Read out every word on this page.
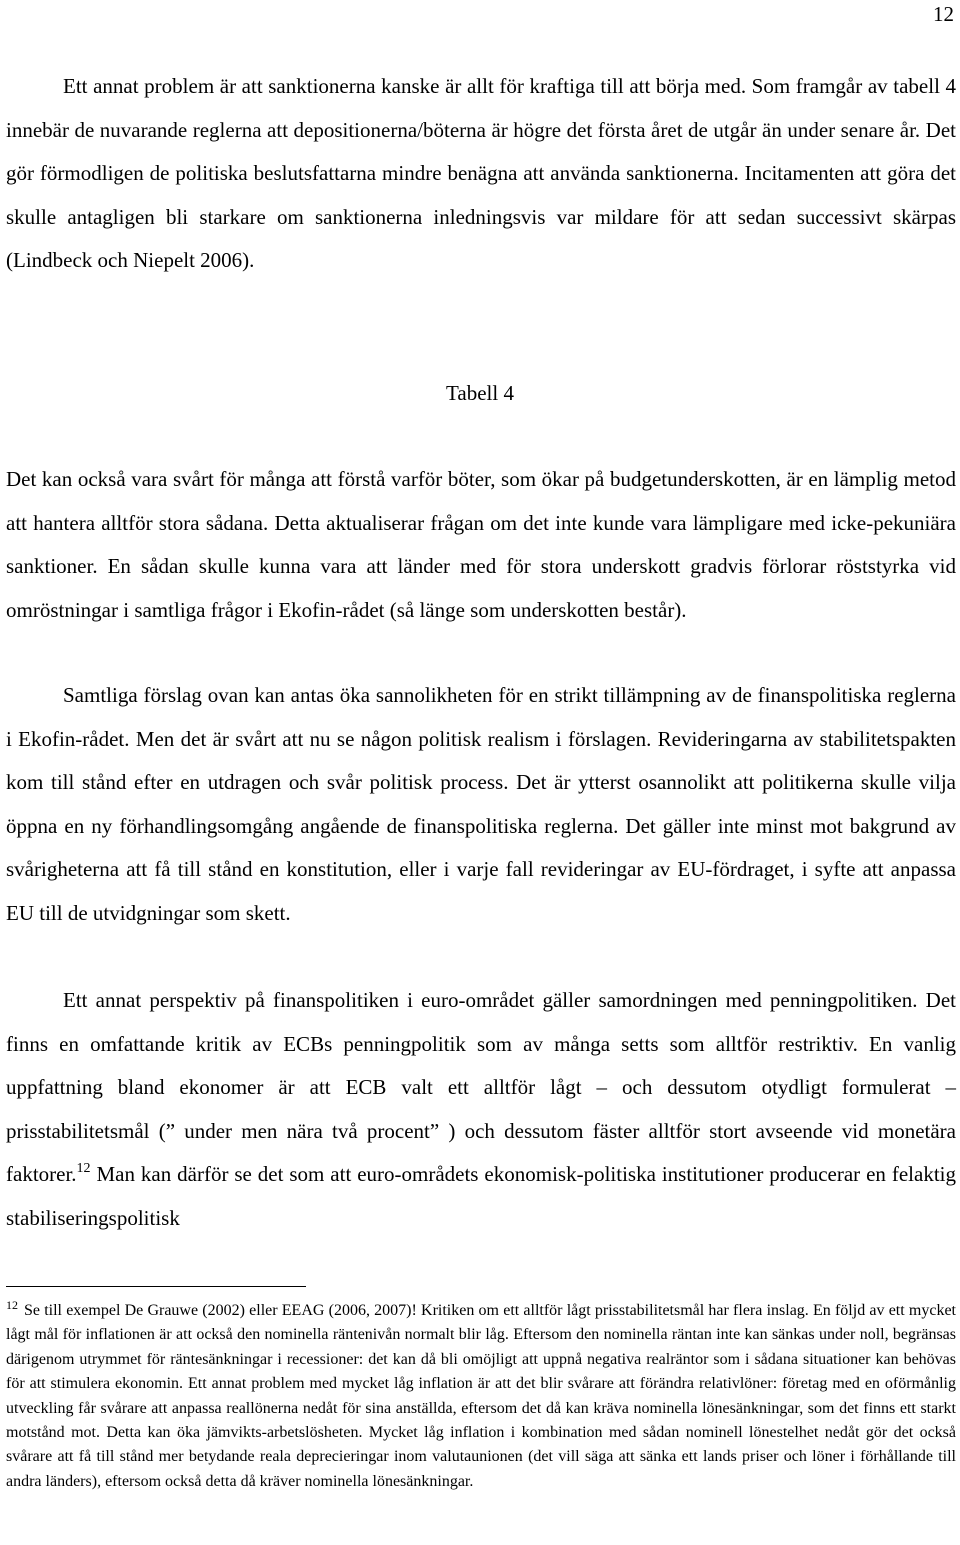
12

Ett annat problem är att sanktionerna kanske är allt för kraftiga till att börja med. Som framgår av tabell 4 innebär de nuvarande reglerna att depositionerna/böterna är högre det första året de utgår än under senare år. Det gör förmodligen de politiska beslutsfattarna mindre benägna att använda sanktionerna. Incitamenten att göra det skulle antagligen bli starkare om sanktionerna inledningsvis var mildare för att sedan successivt skärpas (Lindbeck och Niepelt 2006).

Tabell 4

Det kan också vara svårt för många att förstå varför böter, som ökar på budgetunderskotten, är en lämplig metod att hantera alltför stora sådana. Detta aktualiserar frågan om det inte kunde vara lämpligare med icke-pekuniära sanktioner. En sådan skulle kunna vara att länder med för stora underskott gradvis förlorar röststyrka vid omröstningar i samtliga frågor i Ekofin-rådet (så länge som underskotten består).

Samtliga förslag ovan kan antas öka sannolikheten för en strikt tillämpning av de finanspolitiska reglerna i Ekofin-rådet. Men det är svårt att nu se någon politisk realism i förslagen. Revideringarna av stabilitetspakten kom till stånd efter en utdragen och svår politisk process. Det är ytterst osannolikt att politikerna skulle vilja öppna en ny förhandlingsomgång angående de finanspolitiska reglerna. Det gäller inte minst mot bakgrund av svårigheterna att få till stånd en konstitution, eller i varje fall revideringar av EU-fördraget, i syfte att anpassa EU till de utvidgningar som skett.

Ett annat perspektiv på finanspolitiken i euro-området gäller samordningen med penningpolitiken. Det finns en omfattande kritik av ECBs penningpolitik som av många setts som alltför restriktiv. En vanlig uppfattning bland ekonomer är att ECB valt ett alltför lågt – och dessutom otydligt formulerat – prisstabilitetsmål (” under men nära två procent” ) och dessutom fäster alltför stort avseende vid monetära faktorer.$^{12}$ Man kan därför se det som att euro-områdets ekonomisk-politiska institutioner producerar en felaktig stabiliseringspolitisk

$^{12}$ Se till exempel De Grauwe (2002) eller EEAG (2006, 2007)! Kritiken om ett alltför lågt prisstabilitetsmål har flera inslag. En följd av ett mycket lågt mål för inflationen är att också den nominella räntenivån normalt blir låg. Eftersom den nominella räntan inte kan sänkas under noll, begränsas därigenom utrymmet för räntesänkningar i recessioner: det kan då bli omöjligt att uppnå negativa realräntor som i sådana situationer kan behövas för att stimulera ekonomin. Ett annat problem med mycket låg inflation är att det blir svårare att förändra relativlöner: företag med en oförmånlig utveckling får svårare att anpassa reallönerna nedåt för sina anställda, eftersom det då kan kräva nominella lönesänkningar, som det finns ett starkt motstånd mot. Detta kan öka jämvikts-arbetslösheten. Mycket låg inflation i kombination med sådan nominell lönestelhet nedåt gör det också svårare att få till stånd mer betydande reala deprecieringar inom valutaunionen (det vill säga att sänka ett lands priser och löner i förhållande till andra länders), eftersom också detta då kräver nominella lönesänkningar.
